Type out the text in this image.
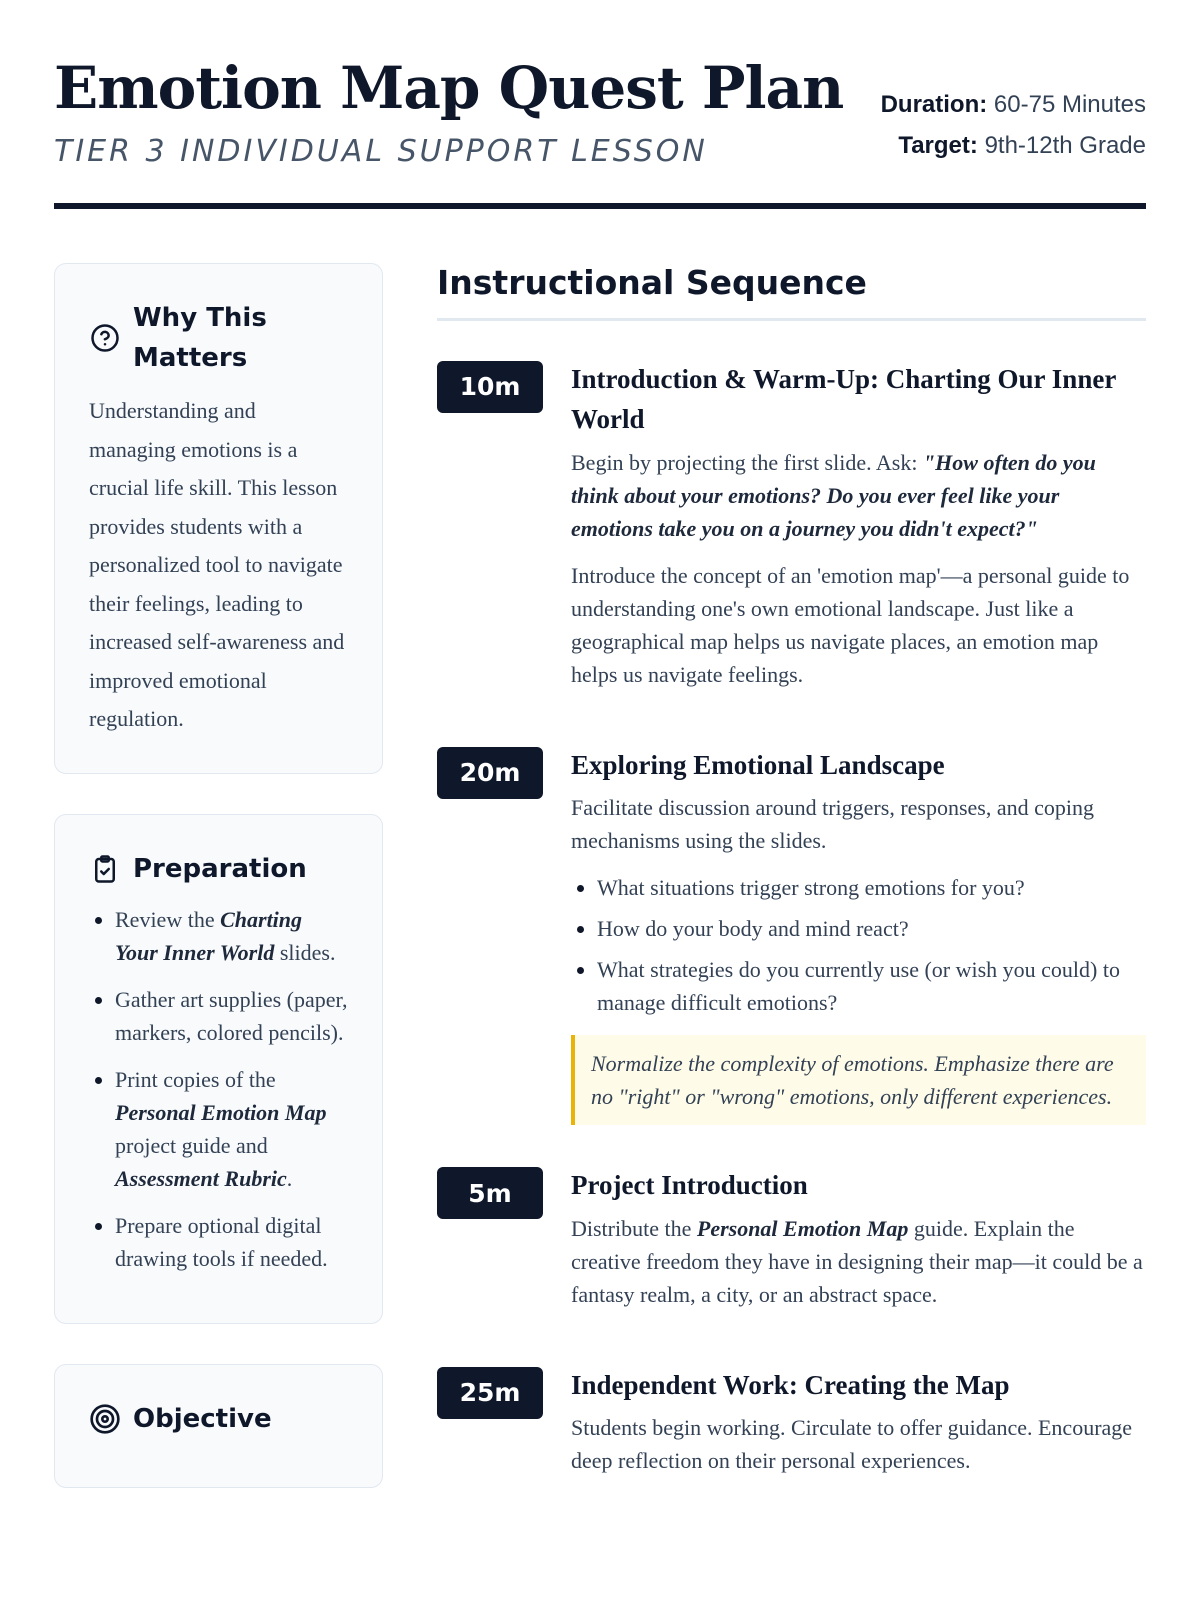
Emotion Map Quest Plan
TIER 3 INDIVIDUAL SUPPORT LESSON
Duration: 60-75 Minutes
Target: 9th-12th Grade
Why This Matters

Understanding and managing emotions is a crucial life skill. This lesson provides students with a personalized tool to navigate their feelings, leading to increased self-awareness and improved emotional regulation.

Preparation
• Review the Charting Your Inner World slides.
• Gather art supplies (paper, markers, colored pencils).
• Print copies of the Personal Emotion Map project guide and Assessment Rubric.
• Prepare optional digital drawing tools if needed.
Objective
Instructional Sequence
10m	Introduction & Warm-Up: Charting Our Inner World

Begin by projecting the first slide. Ask: "How often do you think about your emotions? Do you ever feel like your emotions take you on a journey you didn't expect?"

Introduce the concept of an 'emotion map'—a personal guide to understanding one's own emotional landscape. Just like a geographical map helps us navigate places, an emotion map helps us navigate feelings.

20m	Exploring Emotional Landscape

Facilitate discussion around triggers, responses, and coping mechanisms using the slides.

• What situations trigger strong emotions for you?
• How do your body and mind react?
• What strategies do you currently use (or wish you could) to manage difficult emotions?
Normalize the complexity of emotions. Emphasize there are no "right" or "wrong" emotions, only different experiences.
5m	Project Introduction

Distribute the Personal Emotion Map guide. Explain the creative freedom they have in designing their map—it could be a fantasy realm, a city, or an abstract space.

25m	Independent Work: Creating the Map

Students begin working. Circulate to offer guidance. Encourage deep reflection on their personal experiences.
